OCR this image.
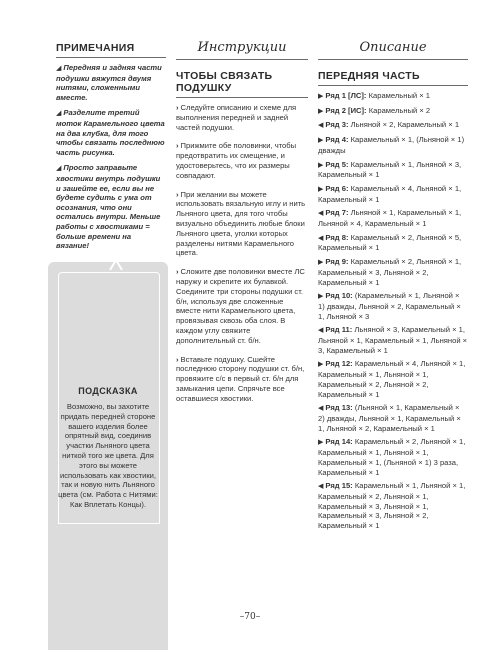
ПОДСКАЗКА
Возможно, вы захотите придать передней стороне вашего изделия более опрятный вид, соединив участки Льняного цвета ниткой того же цвета. Для этого вы можете использовать как хвостики, так и новую нить Льняного цвета (см. Работа с Нитями: Как Вплетать Концы).
ПРИМЕЧАНИЯ
◢ Передняя и задняя части подушки вяжутся двумя нитями, сложенными вместе.
◢ Разделите третий моток Карамельного цвета на два клубка, для того чтобы связать последнюю часть рисунка.
◢ Просто заправьте хвостики внутрь подушки и зашейте ее, если вы не будете судить с ума от осознания, что они остались внутри. Меньше работы с хвостиками = больше времени на вязание!
Инструкции
ЧТОБЫ СВЯЗАТЬ ПОДУШКУ
› Следуйте описанию и схеме для выполнения передней и задней частей подушки.
› Прижмите обе половинки, чтобы предотвратить их смещение, и удостоверьтесь, что их размеры совпадают.
› При желании вы можете использовать вязальную иглу и нить Льняного цвета, для того чтобы визуально объединить любые блоки Льняного цвета, уголки которых разделены нитями Карамельного цвета.
› Сложите две половинки вместе ЛС наружу и скрепите их булавкой. Соедините три стороны подушки ст. б/н, используя две сложенные вместе нити Карамельного цвета, провязывая сквозь оба слоя. В каждом углу свяжите дополнительный ст. б/н.
› Вставьте подушку. Сшейте последнюю сторону подушки ст. б/н, провяжите с/с в первый ст. б/н для замыкания цепи. Спрячьте все оставшиеся хвостики.
Описание
ПЕРЕДНЯЯ ЧАСТЬ
▶ Ряд 1 [ЛС]: Карамельный × 1
▶ Ряд 2 [ИС]: Карамельный × 2
◀ Ряд 3: Льняной × 2, Карамельный × 1
▶ Ряд 4: Карамельный × 1, (Льняной × 1) дважды
▶ Ряд 5: Карамельный × 1, Льняной × 3, Карамельный × 1
▶ Ряд 6: Карамельный × 4, Льняной × 1, Карамельный × 1
◀ Ряд 7: Льняной × 1, Карамельный × 1, Льняной × 4, Карамельный × 1
◀ Ряд 8: Карамельный × 2, Льняной × 5, Карамельный × 1
▶ Ряд 9: Карамельный × 2, Льняной × 1, Карамельный × 3, Льняной × 2, Карамельный × 1
▶ Ряд 10: (Карамельный × 1, Льняной × 1) дважды, Льняной × 2, Карамельный × 1, Льняной × 3
◀ Ряд 11: Льняной × 3, Карамельный × 1, Льняной × 1, Карамельный × 1, Льняной × 3, Карамельный × 1
▶ Ряд 12: Карамельный × 4, Льняной × 1, Карамельный × 1, Льняной × 1, Карамельный × 2, Льняной × 2, Карамельный × 1
◀ Ряд 13: (Льняной × 1, Карамельный × 2) дважды, Льняной × 1, Карамельный × 1, Льняной × 2, Карамельный × 1
▶ Ряд 14: Карамельный × 2, Льняной × 1, Карамельный × 1, Льняной × 1, Карамельный × 1, (Льняной × 1) 3 раза, Карамельный × 1
◀ Ряд 15: Карамельный × 1, Льняной × 1, Карамельный × 2, Льняной × 1, Карамельный × 3, Льняной × 1, Карамельный × 3, Льняной × 2, Карамельный × 1
–70–
